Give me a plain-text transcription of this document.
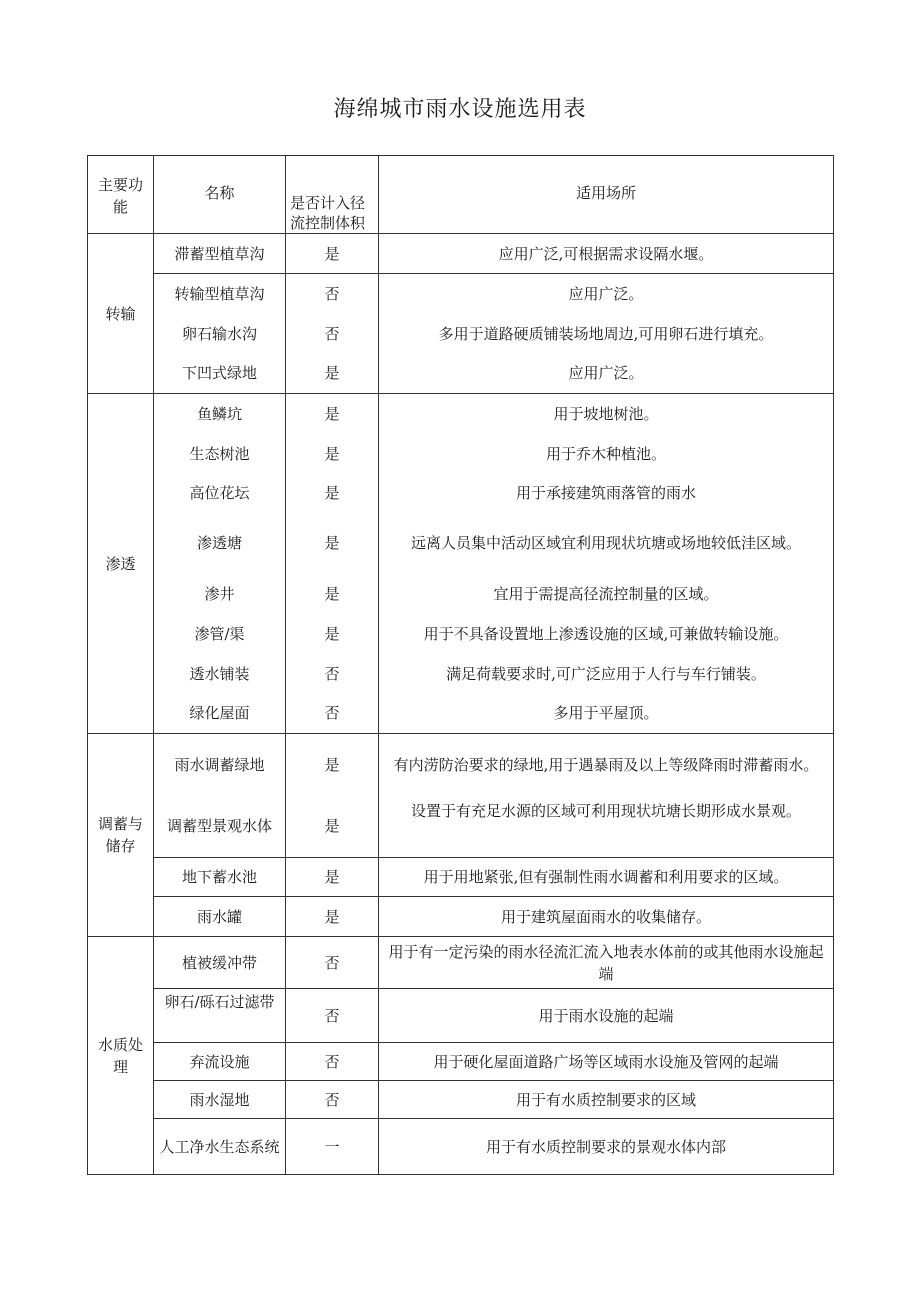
海绵城市雨水设施选用表
主要功能	名称	是否计入径流控制体积	适用场所
转输	滞蓄型植草沟	是	应用广泛,可根据需求设隔水堰。
	转输型植草沟	否	应用广泛。
	卵石输水沟	否	多用于道路硬质铺装场地周边,可用卵石进行填充。
	下凹式绿地	是	应用广泛。
渗透	鱼鳞坑	是	用于坡地树池。
	生态树池	是	用于乔木种植池。
	高位花坛	是	用于承接建筑雨落管的雨水
	渗透塘	是	远离人员集中活动区域宜利用现状坑塘或场地较低洼区域。
	渗井	是	宜用于需提高径流控制量的区域。
	渗管/渠	是	用于不具备设置地上渗透设施的区域,可兼做转输设施。
	透水铺装	否	满足荷载要求时,可广泛应用于人行与车行铺装。
	绿化屋面	否	多用于平屋顶。
调蓄与储存	雨水调蓄绿地	是	有内涝防治要求的绿地,用于遇暴雨及以上等级降雨时滞蓄雨水。
	调蓄型景观水体	是	设置于有充足水源的区域可利用现状坑塘长期形成水景观。
	地下蓄水池	是	用于用地紧张,但有强制性雨水调蓄和利用要求的区域。
	雨水罐	是	用于建筑屋面雨水的收集储存。
水质处理	植被缓冲带	否	用于有一定污染的雨水径流汇流入地表水体前的或其他雨水设施起端
	卵石/砾石过滤带	否	用于雨水设施的起端
	弃流设施	否	用于硬化屋面道路广场等区域雨水设施及管网的起端
	雨水湿地	否	用于有水质控制要求的区域
	人工净水生态系统	一	用于有水质控制要求的景观水体内部
